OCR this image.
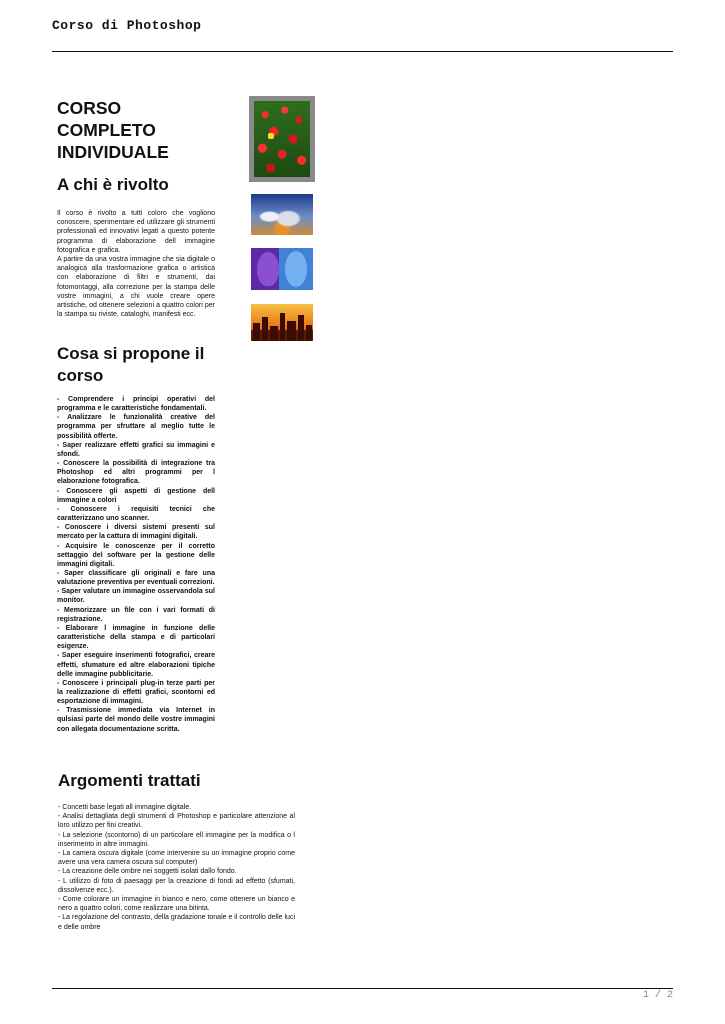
Corso di Photoshop
CORSO
COMPLETO
INDIVIDUALE
A chi è rivolto

Il corso è rivolto a tutti coloro che vogliono conoscere, sperimentare ed utilizzare gli strumenti professionali ed innovativi legati a questo potente programma di elaborazione dell immagine fotografica e grafica.

A partire da una vostra immagine che sia digitale o analogica alla trasformazione grafica o artistica con elaborazione di filtri e strumenti, dai fotomontaggi, alla correzione per la stampa delle vostre immagini, a chi vuole creare opere artistiche, od ottenere selezioni a quattro colori per la stampa su riviste, cataloghi, manifesti ecc.

Cosa si propone il corso
- Comprendere i principi operativi del programma e le caratteristiche fondamentali.
- Analizzare le funzionalità creative del programma per sfruttare al meglio tutte le possibilità offerte.
- Saper realizzare effetti grafici su immagini e sfondi.
- Conoscere la possibilità di integrazione tra Photoshop ed altri programmi per l elaborazione fotografica.
- Conoscere gli aspetti di gestione dell immagine a colori
- Conoscere i requisiti tecnici che caratterizzano uno scanner.
- Conoscere i diversi sistemi presenti sul mercato per la cattura di immagini digitali.
- Acquisire le conoscenze per il corretto settaggio del software per la gestione delle immagini digitali.
- Saper classificare gli originali e fare una valutazione preventiva per eventuali correzioni.
- Saper valutare un immagine osservandola sul monitor.
- Memorizzare un file con i vari formati di registrazione.
- Elaborare l immagine in funzione delle caratteristiche della stampa e di particolari esigenze.
- Saper eseguire inserimenti fotografici, creare effetti, sfumature ed altre elaborazioni tipiche delle immagine pubblicitarie.
- Conoscere i principali plug-in terze parti per la realizzazione di effetti grafici, scontorni ed esportazione di immagini.
- Trasmissione immediata via Internet in qulsiasi parte del mondo delle vostre immagini con allegata documentazione scritta.
Argomenti trattati
- Concetti base legati all immagine digitale.
- Analisi dettagliata degli strumenti di Photoshop e particolare attenzione al loro utilizzo per fini creativi.
- La selezione (scontorno) di un particolare ell immagine per la modifica o l inserimento in altre immagini.
- La camera oscura digitale (come intervenire su un immagine proprio come avere una vera camera oscura sul computer)
- La creazione delle ombre nei soggetti isolati dallo fondo.
- L utilizzo di foto di paesaggi per la creazione di fondi ad effetto (sfumati, dissolvenze ecc.).
- Come colorare un immagine in bianco e nero, come ottenere un bianco e nero a quattro colori, come realizzare una bitinta.
- La regolazione del contrasto, della gradazione tonale e il controllo delle luci e delle ombre
1 / 2
